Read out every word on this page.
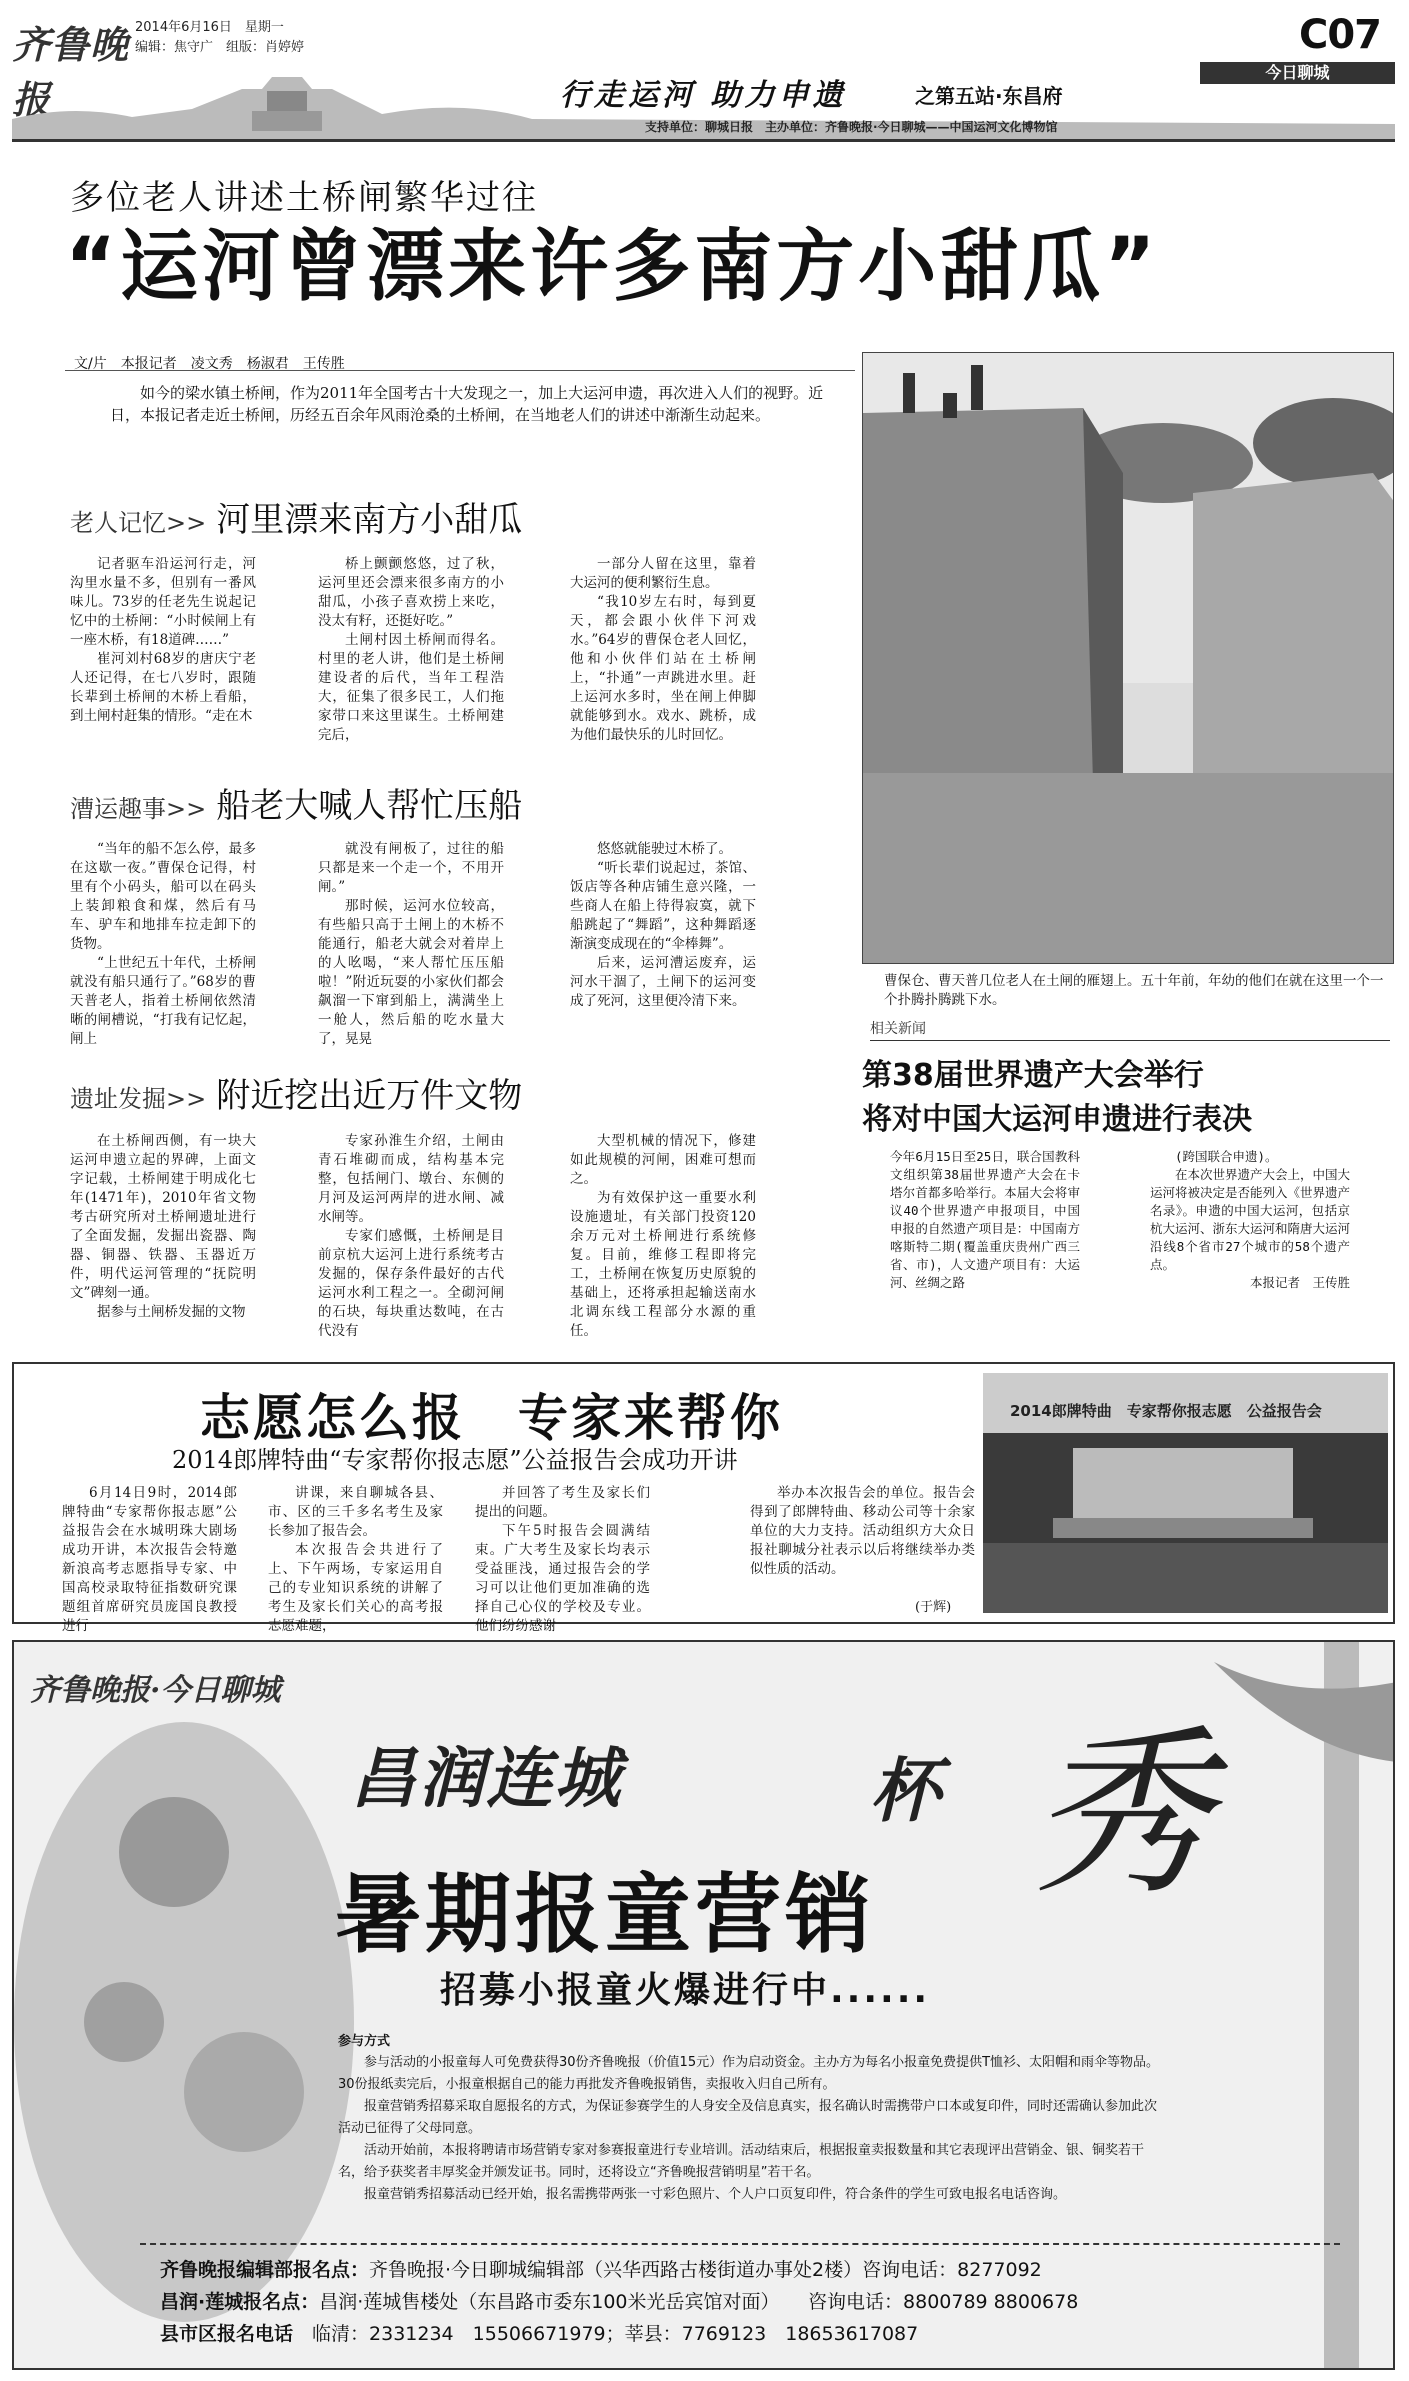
齐鲁晚报
2014年6月16日　星期一
编辑：焦守广　组版：肖婷婷	C07
今日聊城
行走运河 助力申遗	之第五站·东昌府
支持单位：聊城日报　主办单位：齐鲁晚报·今日聊城——中国运河文化博物馆
多位老人讲述土桥闸繁华过往
“运河曾漂来许多南方小甜瓜”
文/片　本报记者　凌文秀　杨淑君　王传胜
如今的梁水镇土桥闸，作为2011年全国考古十大发现之一，加上大运河申遗，再次进入人们的视野。近日，本报记者走近土桥闸，历经五百余年风雨沧桑的土桥闸，在当地老人们的讲述中渐渐生动起来。
老人记忆>> 河里漂来南方小甜瓜

记者驱车沿运河行走，河沟里水量不多，但别有一番风味儿。73岁的任老先生说起记忆中的土桥闸：“小时候闸上有一座木桥，有18道碑……”

崔河刘村68岁的唐庆宁老人还记得，在七八岁时，跟随长辈到土桥闸的木桥上看船，到土闸村赶集的情形。“走在木

桥上颤颤悠悠，过了秋，运河里还会漂来很多南方的小甜瓜，小孩子喜欢捞上来吃，没太有籽，还挺好吃。”

土闸村因土桥闸而得名。村里的老人讲，他们是土桥闸建设者的后代，当年工程浩大，征集了很多民工，人们拖家带口来这里谋生。土桥闸建完后，

一部分人留在这里，靠着大运河的便利繁衍生息。

“我10岁左右时，每到夏天，都会跟小伙伴下河戏水。”64岁的曹保仓老人回忆，他和小伙伴们站在土桥闸上，“扑通”一声跳进水里。赶上运河水多时，坐在闸上伸脚就能够到水。戏水、跳桥，成为他们最快乐的儿时回忆。

漕运趣事>> 船老大喊人帮忙压船

“当年的船不怎么停，最多在这歇一夜。”曹保仓记得，村里有个小码头，船可以在码头上装卸粮食和煤，然后有马车、驴车和地排车拉走卸下的货物。

“上世纪五十年代，土桥闸就没有船只通行了。”68岁的曹天普老人，指着土桥闸依然清晰的闸槽说，“打我有记忆起，闸上

就没有闸板了，过往的船只都是来一个走一个，不用开闸。”

那时候，运河水位较高，有些船只高于土闸上的木桥不能通行，船老大就会对着岸上的人吆喝，“来人帮忙压压船啦！”附近玩耍的小家伙们都会飙溜一下窜到船上，满满坐上一舱人，然后船的吃水量大了，晃晃

悠悠就能驶过木桥了。

“听长辈们说起过，茶馆、饭店等各种店铺生意兴隆，一些商人在船上待得寂寞，就下船跳起了“舞蹈”，这种舞蹈逐渐演变成现在的“伞棒舞”。

后来，运河漕运废弃，运河水干涸了，土闸下的运河变成了死河，这里便冷清下来。

遗址发掘>> 附近挖出近万件文物

在土桥闸西侧，有一块大运河申遗立起的界碑，上面文字记载，土桥闸建于明成化七年(1471年)，2010年省文物考古研究所对土桥闸遗址进行了全面发掘，发掘出瓷器、陶器、铜器、铁器、玉器近万件，明代运河管理的“抚院明文”碑刻一通。

据参与土闸桥发掘的文物

专家孙淮生介绍，土闸由青石堆砌而成，结构基本完整，包括闸门、墩台、东侧的月河及运河两岸的进水闸、减水闸等。

专家们感慨，土桥闸是目前京杭大运河上进行系统考古发掘的，保存条件最好的古代运河水利工程之一。全砌河闸的石块，每块重达数吨，在古代没有

大型机械的情况下，修建如此规模的河闸，困难可想而之。

为有效保护这一重要水利设施遗址，有关部门投资120余万元对土桥闸进行系统修复。目前，维修工程即将完工，土桥闸在恢复历史原貌的基础上，还将承担起输送南水北调东线工程部分水源的重任。

曹保仓、曹天普几位老人在土闸的雁翅上。五十年前，年幼的他们在就在这里一个一个扑腾扑腾跳下水。
相关新闻
第38届世界遗产大会举行
将对中国大运河申遗进行表决
今年6月15日至25日，联合国教科文组织第38届世界遗产大会在卡塔尔首都多哈举行。本届大会将审议40个世界遗产申报项目，中国申报的自然遗产项目是：中国南方喀斯特二期(覆盖重庆贵州广西三省、市)，人文遗产项目有：大运河、丝绸之路

(跨国联合申遗)。

在本次世界遗产大会上，中国大运河将被决定是否能列入《世界遗产名录》。申遗的中国大运河，包括京杭大运河、浙东大运河和隋唐大运河沿线8个省市27个城市的58个遗产点。

本报记者　王传胜
志愿怎么报　专家来帮你
2014郎牌特曲“专家帮你报志愿”公益报告会成功开讲
6月14日9时，2014郎牌特曲“专家帮你报志愿”公益报告会在水城明珠大剧场成功开讲，本次报告会特邀新浪高考志愿指导专家、中国高校录取特征指数研究课题组首席研究员庞国良教授进行

讲课，来自聊城各县、市、区的三千多名考生及家长参加了报告会。

本次报告会共进行了上、下午两场，专家运用自己的专业知识系统的讲解了考生及家长们关心的高考报志愿难题，

并回答了考生及家长们提出的问题。

下午5时报告会圆满结束。广大考生及家长均表示受益匪浅，通过报告会的学习可以让他们更加准确的选择自己心仪的学校及专业。他们纷纷感谢

举办本次报告会的单位。报告会得到了郎牌特曲、移动公司等十余家单位的大力支持。活动组织方大众日报社聊城分社表示以后将继续举办类似性质的活动。
(于辉)
2014郎牌特曲　专家帮你报志愿　公益报告会
齐鲁晚报·今日聊城
昌润连城	杯 秀
暑期报童营销
招募小报童火爆进行中......
参与方式

参与活动的小报童每人可免费获得30份齐鲁晚报（价值15元）作为启动资金。主办方为每名小报童免费提供T恤衫、太阳帽和雨伞等物品。30份报纸卖完后，小报童根据自己的能力再批发齐鲁晚报销售，卖报收入归自己所有。

报童营销秀招募采取自愿报名的方式，为保证参赛学生的人身安全及信息真实，报名确认时需携带户口本或复印件，同时还需确认参加此次活动已征得了父母同意。

活动开始前，本报将聘请市场营销专家对参赛报童进行专业培训。活动结束后，根据报童卖报数量和其它表现评出营销金、银、铜奖若干名，给予获奖者丰厚奖金并颁发证书。同时，还将设立“齐鲁晚报营销明星”若干名。

报童营销秀招募活动已经开始，报名需携带两张一寸彩色照片、个人户口页复印件，符合条件的学生可致电报名电话咨询。

齐鲁晚报编辑部报名点：齐鲁晚报·今日聊城编辑部（兴华西路古楼街道办事处2楼）咨询电话：8277092
昌润·莲城报名点：昌润·莲城售楼处（东昌路市委东100米光岳宾馆对面）　　咨询电话：8800789 8800678
县市区报名电话　 临清：2331234　15506671979；莘县：7769123　18653617087
